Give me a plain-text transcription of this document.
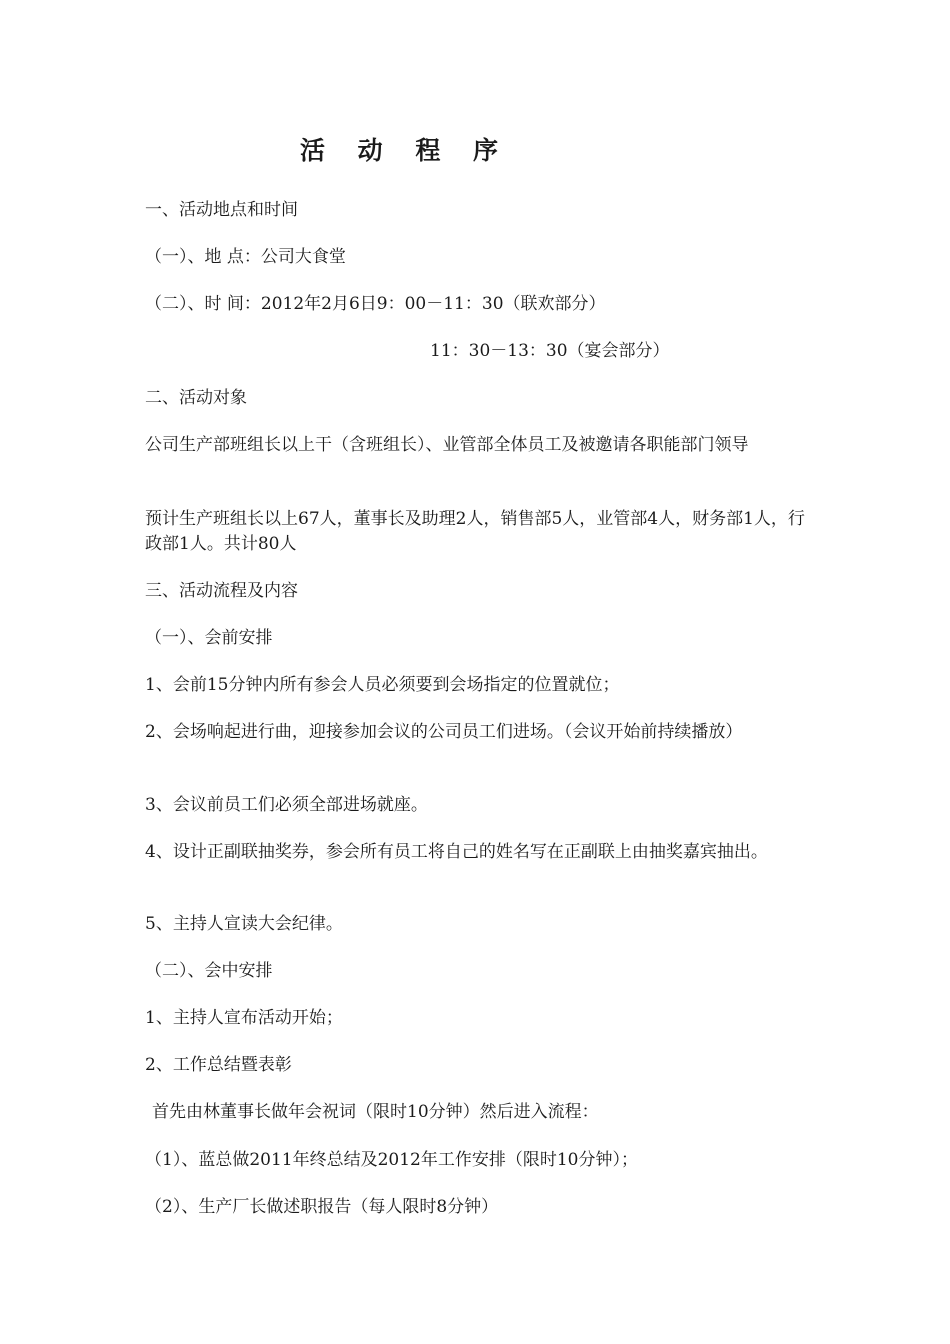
活 动 程 序

一、活动地点和时间

（一）、地 点：公司大食堂

（二）、时 间：2012年2月6日9：00－11：30（联欢部分）

11：30－13：30（宴会部分）

二、活动对象

公司生产部班组长以上干（含班组长）、业管部全体员工及被邀请各职能部门领导

预计生产班组长以上67人，董事长及助理2人，销售部5人，业管部4人，财务部1人，行政部1人。共计80人

三、活动流程及内容

（一）、会前安排

1、会前15分钟内所有参会人员必须要到会场指定的位置就位；

2、会场响起进行曲，迎接参加会议的公司员工们进场。（会议开始前持续播放）

3、会议前员工们必须全部进场就座。

4、设计正副联抽奖券，参会所有员工将自己的姓名写在正副联上由抽奖嘉宾抽出。

5、主持人宣读大会纪律。

（二）、会中安排

1、主持人宣布活动开始；

2、工作总结暨表彰

首先由林董事长做年会祝词（限时10分钟）然后进入流程：

（1）、蓝总做2011年终总结及2012年工作安排（限时10分钟）；

（2）、生产厂长做述职报告（每人限时8分钟）
